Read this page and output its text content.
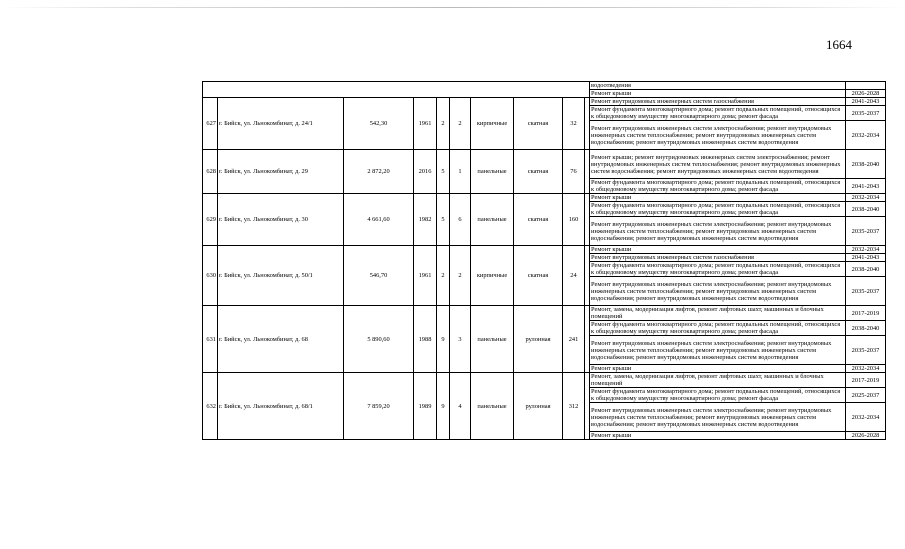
1664
										водоотведения	
										Ремонт крыши	2026-2028
627	г. Бийск, ул. Льнокомбинат, д. 24/1	542,30	1961	2	2	кирпичные	скатная	32		Ремонт внутридомовых инженерных систем газоснабжения	2041-2043
										Ремонт фундамента многоквартирного дома; ремонт подвальных помещений, относящихся к общедомовому имуществу многоквартирного дома; ремонт фасада	2035-2037
										Ремонт внутридомовых инженерных систем электроснабжения; ремонт внутридомовых инженерных систем теплоснабжения; ремонт внутридомовых инженерных систем водоснабжения; ремонт внутридомовых инженерных систем водоотведения	2032-2034
628	г. Бийск, ул. Льнокомбинат, д. 29	2 872,20	2016	5	1	панельные	скатная	76		Ремонт крыши; ремонт внутридомовых инженерных систем электроснабжения; ремонт внутридомовых инженерных систем теплоснабжения; ремонт внутридомовых инженерных систем водоснабжения; ремонт внутридомовых инженерных систем водоотведения	2038-2040
										Ремонт фундамента многоквартирного дома; ремонт подвальных помещений, относящихся к общедомовому имуществу многоквартирного дома; ремонт фасада	2041-2043
629	г. Бийск, ул. Льнокомбинат, д. 30	4 661,60	1982	5	6	панельные	скатная	160		Ремонт крыши	2032-2034
										Ремонт фундамента многоквартирного дома; ремонт подвальных помещений, относящихся к общедомовому имуществу многоквартирного дома; ремонт фасада	2038-2040
										Ремонт внутридомовых инженерных систем электроснабжения; ремонт внутридомовых инженерных систем теплоснабжения; ремонт внутридомовых инженерных систем водоснабжения; ремонт внутридомовых инженерных систем водоотведения	2035-2037
630	г. Бийск, ул. Льнокомбинат, д. 50/1	546,70	1961	2	2	кирпичные	скатная	24		Ремонт крыши	2032-2034
										Ремонт внутридомовых инженерных систем газоснабжения	2041-2043
										Ремонт фундамента многоквартирного дома; ремонт подвальных помещений, относящихся к общедомовому имуществу многоквартирного дома; ремонт фасада	2038-2040
										Ремонт внутридомовых инженерных систем электроснабжения; ремонт внутридомовых инженерных систем теплоснабжения; ремонт внутридомовых инженерных систем водоснабжения; ремонт внутридомовых инженерных систем водоотведения	2035-2037
631	г. Бийск, ул. Льнокомбинат, д. 68	5 890,60	1988	9	3	панельные	рулонная	241		Ремонт, замена, модернизация лифтов, ремонт лифтовых шахт, машинных и блочных помещений	2017-2019
										Ремонт фундамента многоквартирного дома; ремонт подвальных помещений, относящихся к общедомовому имуществу многоквартирного дома; ремонт фасада	2038-2040
										Ремонт внутридомовых инженерных систем электроснабжения; ремонт внутридомовых инженерных систем теплоснабжения; ремонт внутридомовых инженерных систем водоснабжения; ремонт внутридомовых инженерных систем водоотведения	2035-2037
										Ремонт крыши	2032-2034
632	г. Бийск, ул. Льнокомбинат, д. 68/1	7 859,20	1989	9	4	панельные	рулонная	312		Ремонт, замена, модернизация лифтов, ремонт лифтовых шахт, машинных и блочных помещений	2017-2019
										Ремонт фундамента многоквартирного дома; ремонт подвальных помещений, относящихся к общедомовому имуществу многоквартирного дома; ремонт фасада	2025-2037
										Ремонт внутридомовых инженерных систем электроснабжения; ремонт внутридомовых инженерных систем теплоснабжения; ремонт внутридомовых инженерных систем водоснабжения; ремонт внутридомовых инженерных систем водоотведения	2032-2034
										Ремонт крыши	2026-2028
